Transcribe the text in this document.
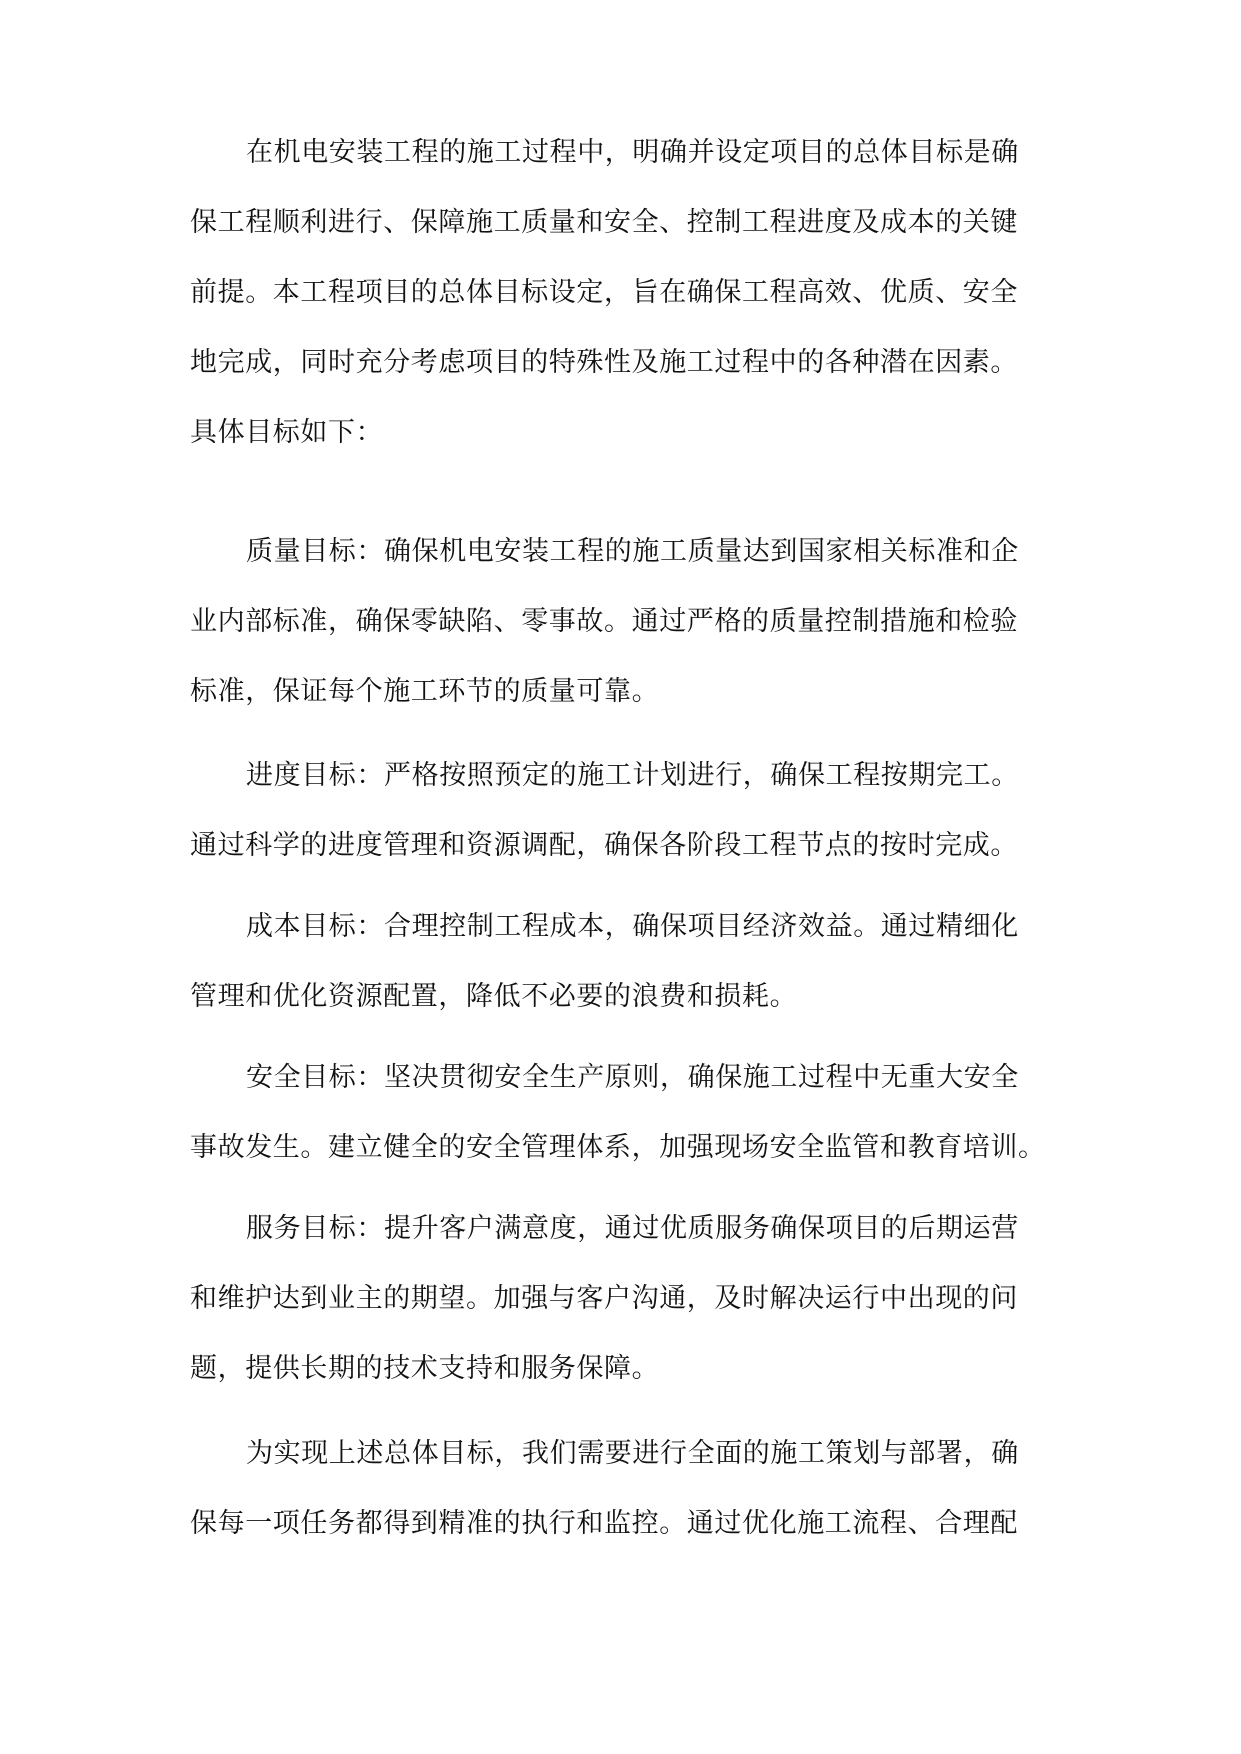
在机电安装工程的施工过程中，明确并设定项目的总体目标是确
保工程顺利进行、保障施工质量和安全、控制工程进度及成本的关键
前提。本工程项目的总体目标设定，旨在确保工程高效、优质、安全
地完成，同时充分考虑项目的特殊性及施工过程中的各种潜在因素。
具体目标如下：
质量目标：确保机电安装工程的施工质量达到国家相关标准和企
业内部标准，确保零缺陷、零事故。通过严格的质量控制措施和检验
标准，保证每个施工环节的质量可靠。
进度目标：严格按照预定的施工计划进行，确保工程按期完工。
通过科学的进度管理和资源调配，确保各阶段工程节点的按时完成。
成本目标：合理控制工程成本，确保项目经济效益。通过精细化
管理和优化资源配置，降低不必要的浪费和损耗。
安全目标：坚决贯彻安全生产原则，确保施工过程中无重大安全
事故发生。建立健全的安全管理体系，加强现场安全监管和教育培训。
服务目标：提升客户满意度，通过优质服务确保项目的后期运营
和维护达到业主的期望。加强与客户沟通，及时解决运行中出现的问
题，提供长期的技术支持和服务保障。
为实现上述总体目标，我们需要进行全面的施工策划与部署，确
保每一项任务都得到精准的执行和监控。通过优化施工流程、合理配
